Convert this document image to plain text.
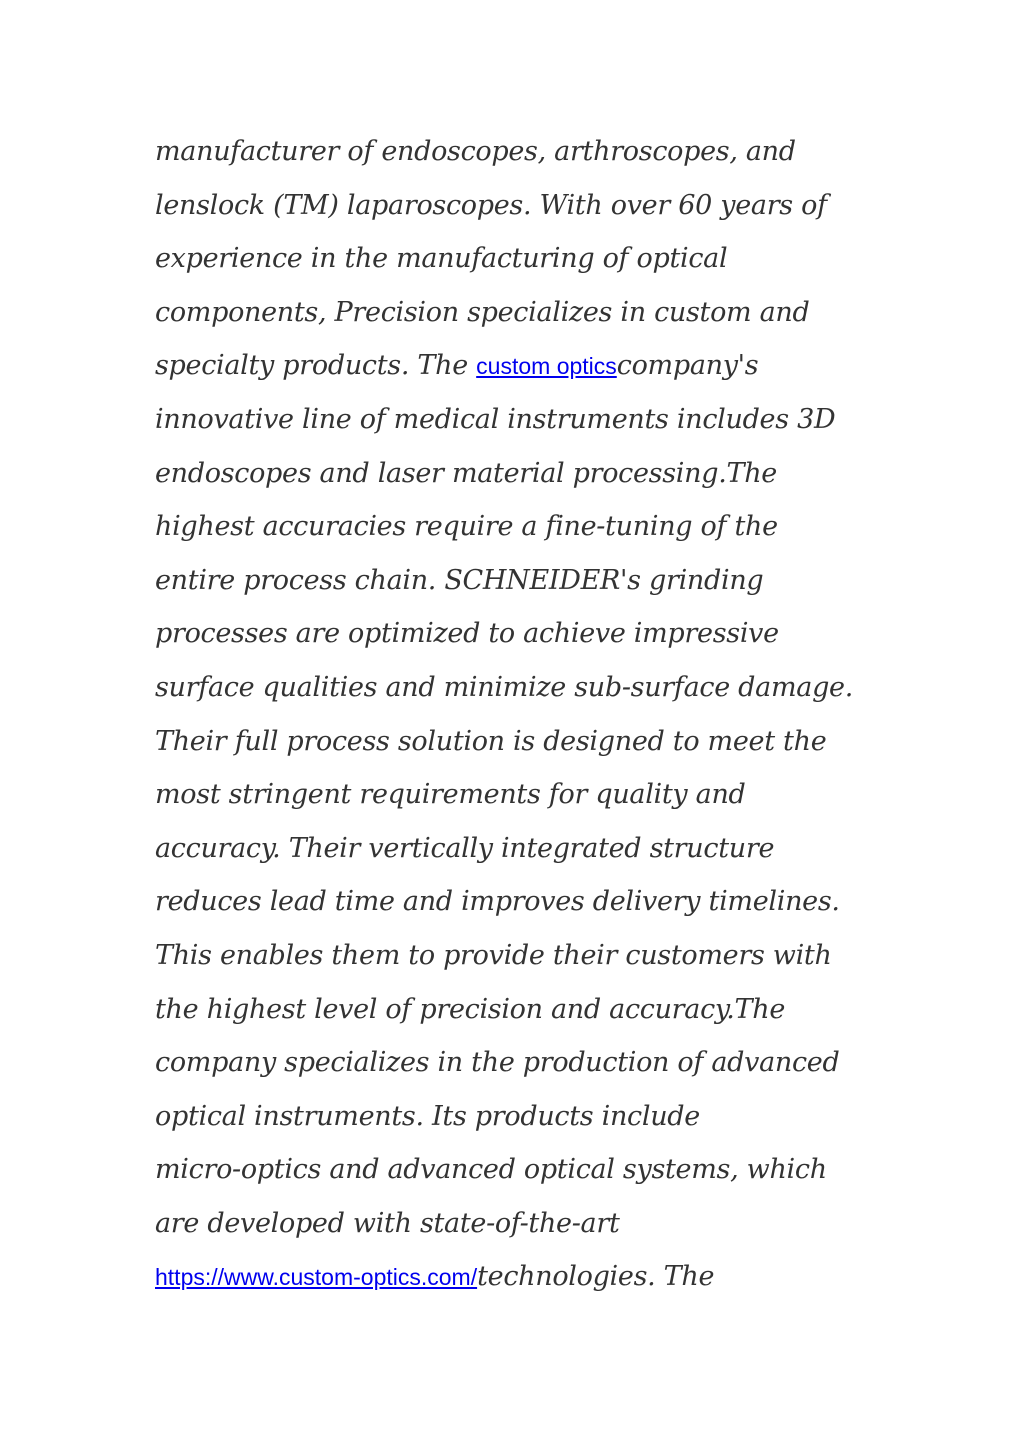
manufacturer of endoscopes, arthroscopes, and
lenslock (TM) laparoscopes. With over 60 years of
experience in the manufacturing of optical
components, Precision specializes in custom and
specialty products. The custom opticscompany's
innovative line of medical instruments includes 3D
endoscopes and laser material processing.The
highest accuracies require a fine-tuning of the
entire process chain. SCHNEIDER's grinding
processes are optimized to achieve impressive
surface qualities and minimize sub-surface damage.
Their full process solution is designed to meet the
most stringent requirements for quality and
accuracy. Their vertically integrated structure
reduces lead time and improves delivery timelines.
This enables them to provide their customers with
the highest level of precision and accuracy.The
company specializes in the production of advanced
optical instruments. Its products include
micro-optics and advanced optical systems, which
are developed with state-of-the-art
https://www.custom-optics.com/technologies. The
